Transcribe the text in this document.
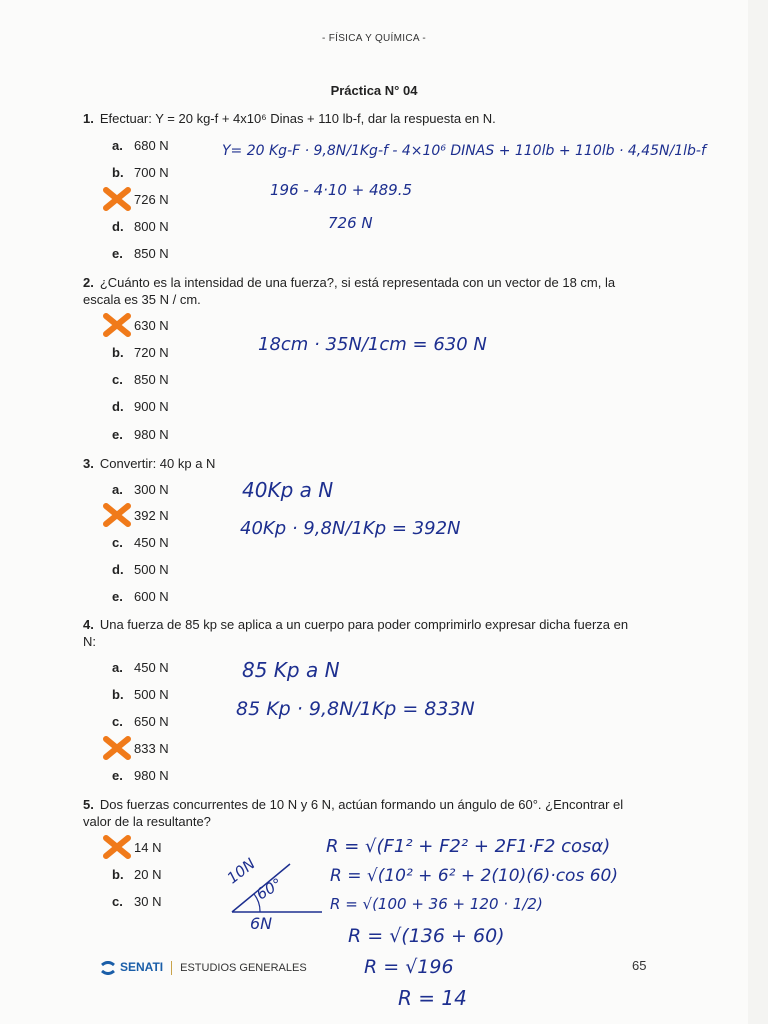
- FÍSICA Y QUÍMICA -
Práctica N° 04
1. Efectuar: Y = 20 kg-f + 4x10⁶ Dinas + 110 lb-f, dar la respuesta en N.
a. 680 N
b. 700 N
726 N
d. 800 N
e. 850 N
Y= 20 Kg-F · 9,8N/1Kg-f - 4×10⁶ DINAS + 110lb + 110lb · 4,45N/1lb-f
196 - 4·10 + 489.5
726 N
2. ¿Cuánto es la intensidad de una fuerza?, si está representada con un vector de 18 cm, la escala es 35 N / cm.
630 N
b. 720 N
c. 850 N
d. 900 N
e. 980 N
18cm · 35N/1cm = 630 N
3. Convertir: 40 kp a N
a. 300 N
392 N
c. 450 N
d. 500 N
e. 600 N
40Kp a N
40Kp · 9,8N/1Kp = 392N
4. Una fuerza de 85 kp se aplica a un cuerpo para poder comprimirlo expresar dicha fuerza en N:
a. 450 N
b. 500 N
c. 650 N
833 N
e. 980 N
85 Kp a N
85 Kp · 9,8N/1Kp = 833N
5. Dos fuerzas concurrentes de 10 N y 6 N, actúan formando un ángulo de 60°. ¿Encontrar el valor de la resultante?
14 N
b. 20 N
c. 30 N
10N
60°
6N
R = √(F1² + F2² + 2F1·F2 cosα)
R = √(10² + 6² + 2(10)(6)·cos 60)
R = √(100 + 36 + 120 · 1/2)
R = √(136 + 60)
R = √196
R = 14
SENATI ESTUDIOS GENERALES	65
